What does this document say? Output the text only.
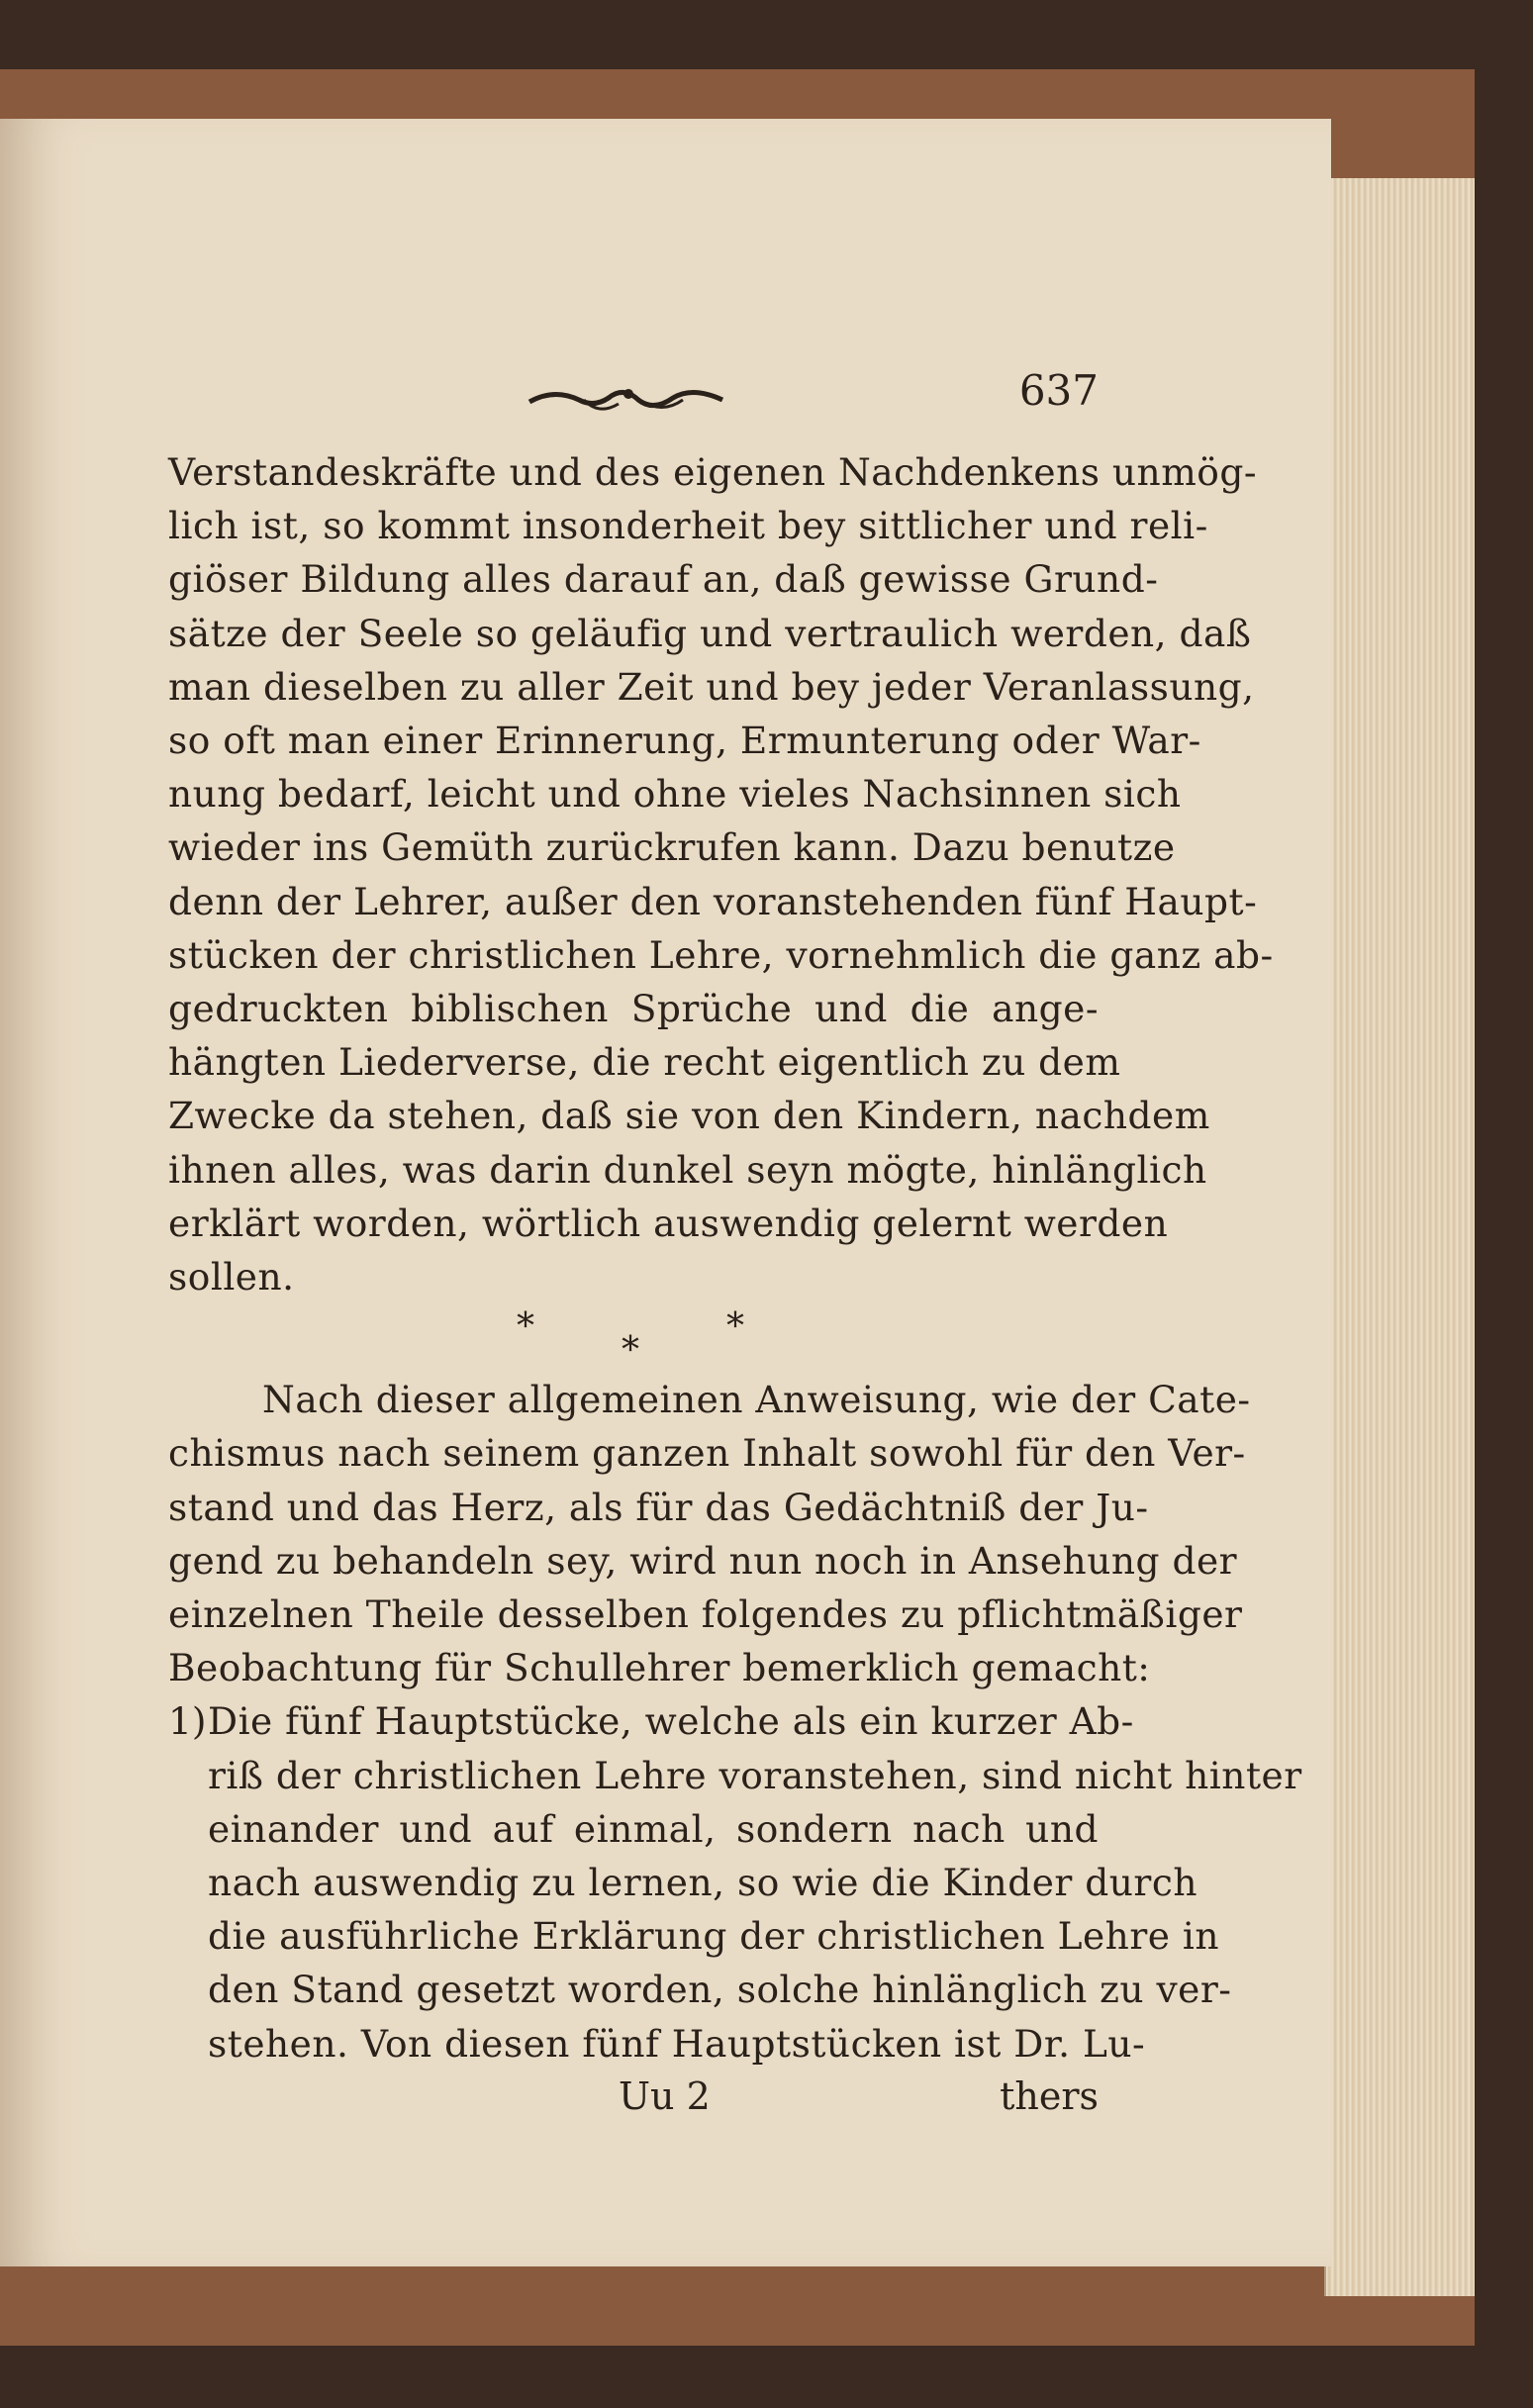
637
Verstandeskräfte und des eigenen Nachdenkens unmög-
lich ist, so kommt insonderheit bey sittlicher und reli-
giöser Bildung alles darauf an, daß gewisse Grund-
sätze der Seele so geläufig und vertraulich werden, daß
man dieselben zu aller Zeit und bey jeder Veranlassung,
so oft man einer Erinnerung, Ermunterung oder War-
nung bedarf, leicht und ohne vieles Nachsinnen sich
wieder ins Gemüth zurückrufen kann. Dazu benutze
denn der Lehrer, außer den voranstehenden fünf Haupt-
stücken der christlichen Lehre, vornehmlich die ganz ab-
gedruckten biblischen Sprüche und die ange-
hängten Liederverse, die recht eigentlich zu dem
Zwecke da stehen, daß sie von den Kindern, nachdem
ihnen alles, was darin dunkel seyn mögte, hinlänglich
erklärt worden, wörtlich auswendig gelernt werden
sollen.
*
*
*
Nach dieser allgemeinen Anweisung, wie der Cate-
chismus nach seinem ganzen Inhalt sowohl für den Ver-
stand und das Herz, als für das Gedächtniß der Ju-
gend zu behandeln sey, wird nun noch in Ansehung der
einzelnen Theile desselben folgendes zu pflichtmäßiger
Beobachtung für Schullehrer bemerklich gemacht:
1) Die fünf Hauptstücke, welche als ein kurzer Ab-
riß der christlichen Lehre voranstehen, sind nicht hinter
einander und auf einmal, sondern nach und
nach auswendig zu lernen, so wie die Kinder durch
die ausführliche Erklärung der christlichen Lehre in
den Stand gesetzt worden, solche hinlänglich zu ver-
stehen. Von diesen fünf Hauptstücken ist Dr. Lu-
Uu 2	thers
